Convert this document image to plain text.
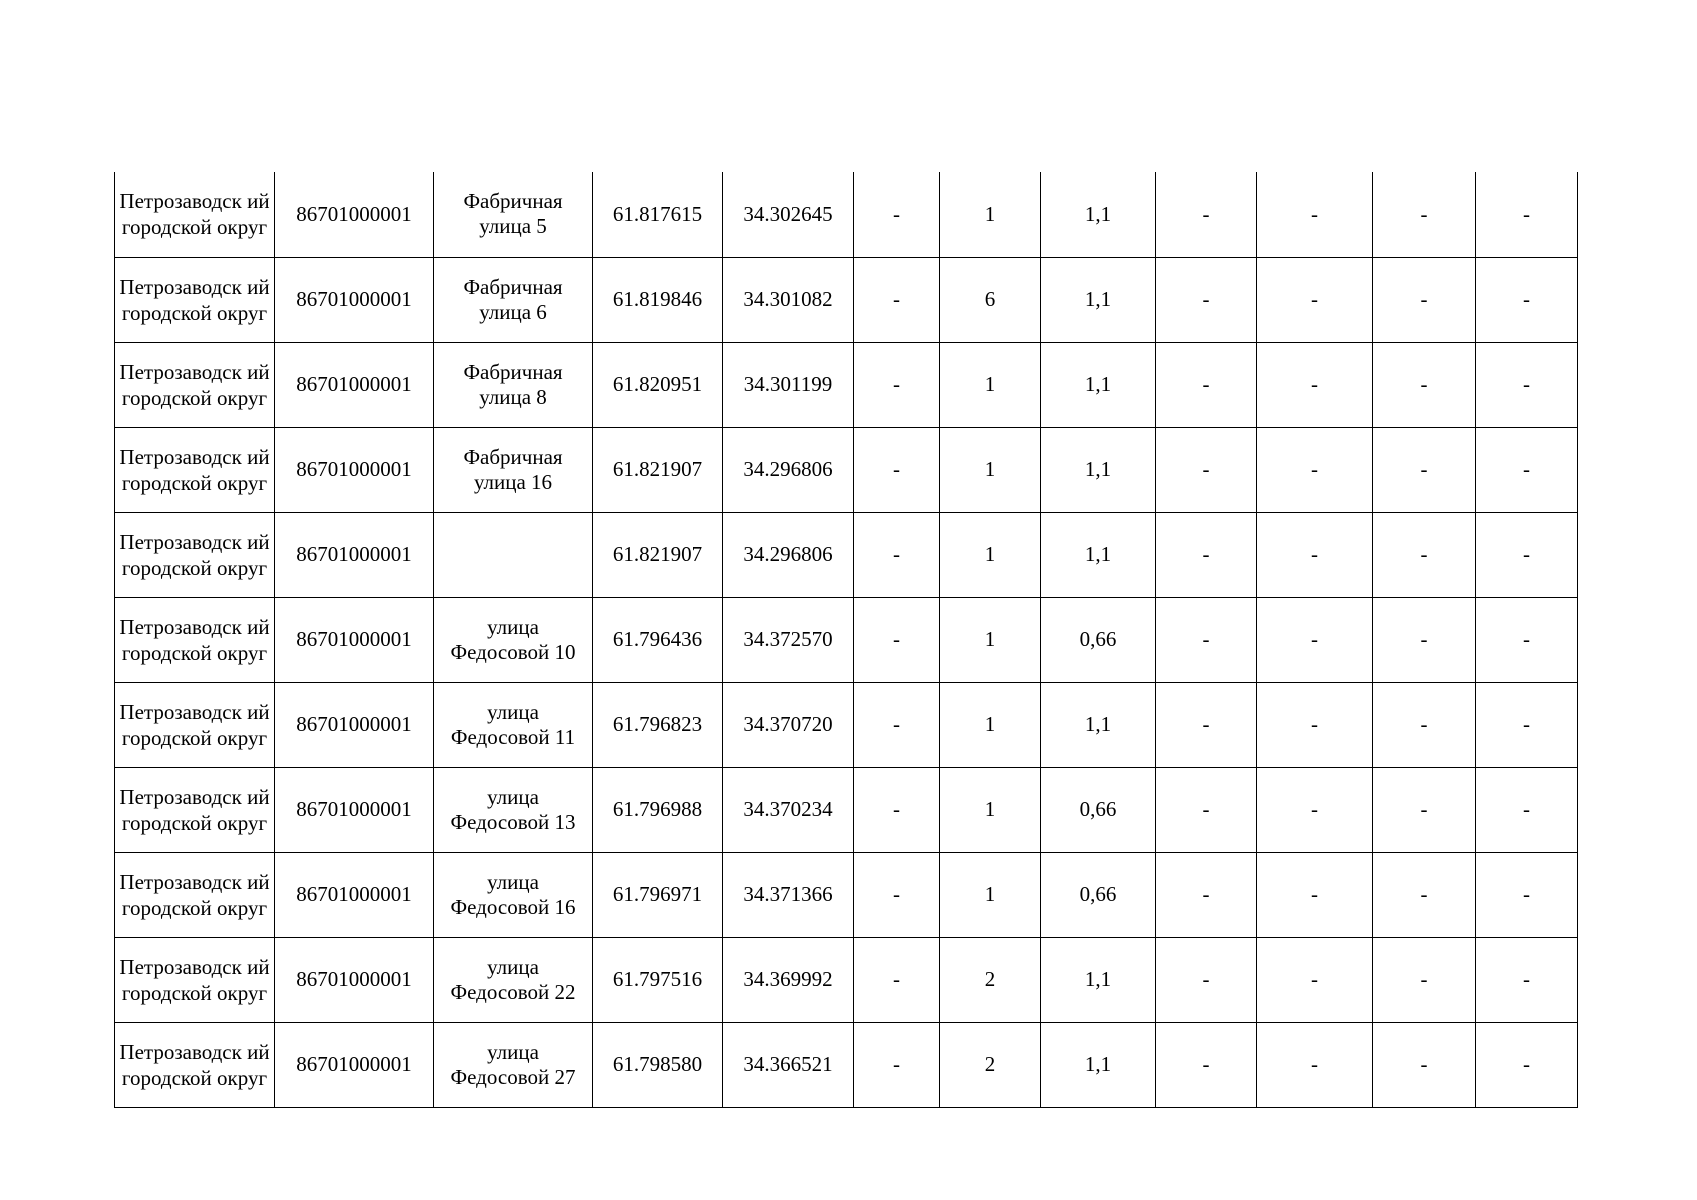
Петрозаводск ий городской округ	86701000001	Фабричная улица 5	61.817615	34.302645	-	1	1,1	-	-	-	-
Петрозаводск ий городской округ	86701000001	Фабричная улица 6	61.819846	34.301082	-	6	1,1	-	-	-	-
Петрозаводск ий городской округ	86701000001	Фабричная улица 8	61.820951	34.301199	-	1	1,1	-	-	-	-
Петрозаводск ий городской округ	86701000001	Фабричная улица 16	61.821907	34.296806	-	1	1,1	-	-	-	-
Петрозаводск ий городской округ	86701000001		61.821907	34.296806	-	1	1,1	-	-	-	-
Петрозаводск ий городской округ	86701000001	улица Федосовой 10	61.796436	34.372570	-	1	0,66	-	-	-	-
Петрозаводск ий городской округ	86701000001	улица Федосовой 11	61.796823	34.370720	-	1	1,1	-	-	-	-
Петрозаводск ий городской округ	86701000001	улица Федосовой 13	61.796988	34.370234	-	1	0,66	-	-	-	-
Петрозаводск ий городской округ	86701000001	улица Федосовой 16	61.796971	34.371366	-	1	0,66	-	-	-	-
Петрозаводск ий городской округ	86701000001	улица Федосовой 22	61.797516	34.369992	-	2	1,1	-	-	-	-
Петрозаводск ий городской округ	86701000001	улица Федосовой 27	61.798580	34.366521	-	2	1,1	-	-	-	-
